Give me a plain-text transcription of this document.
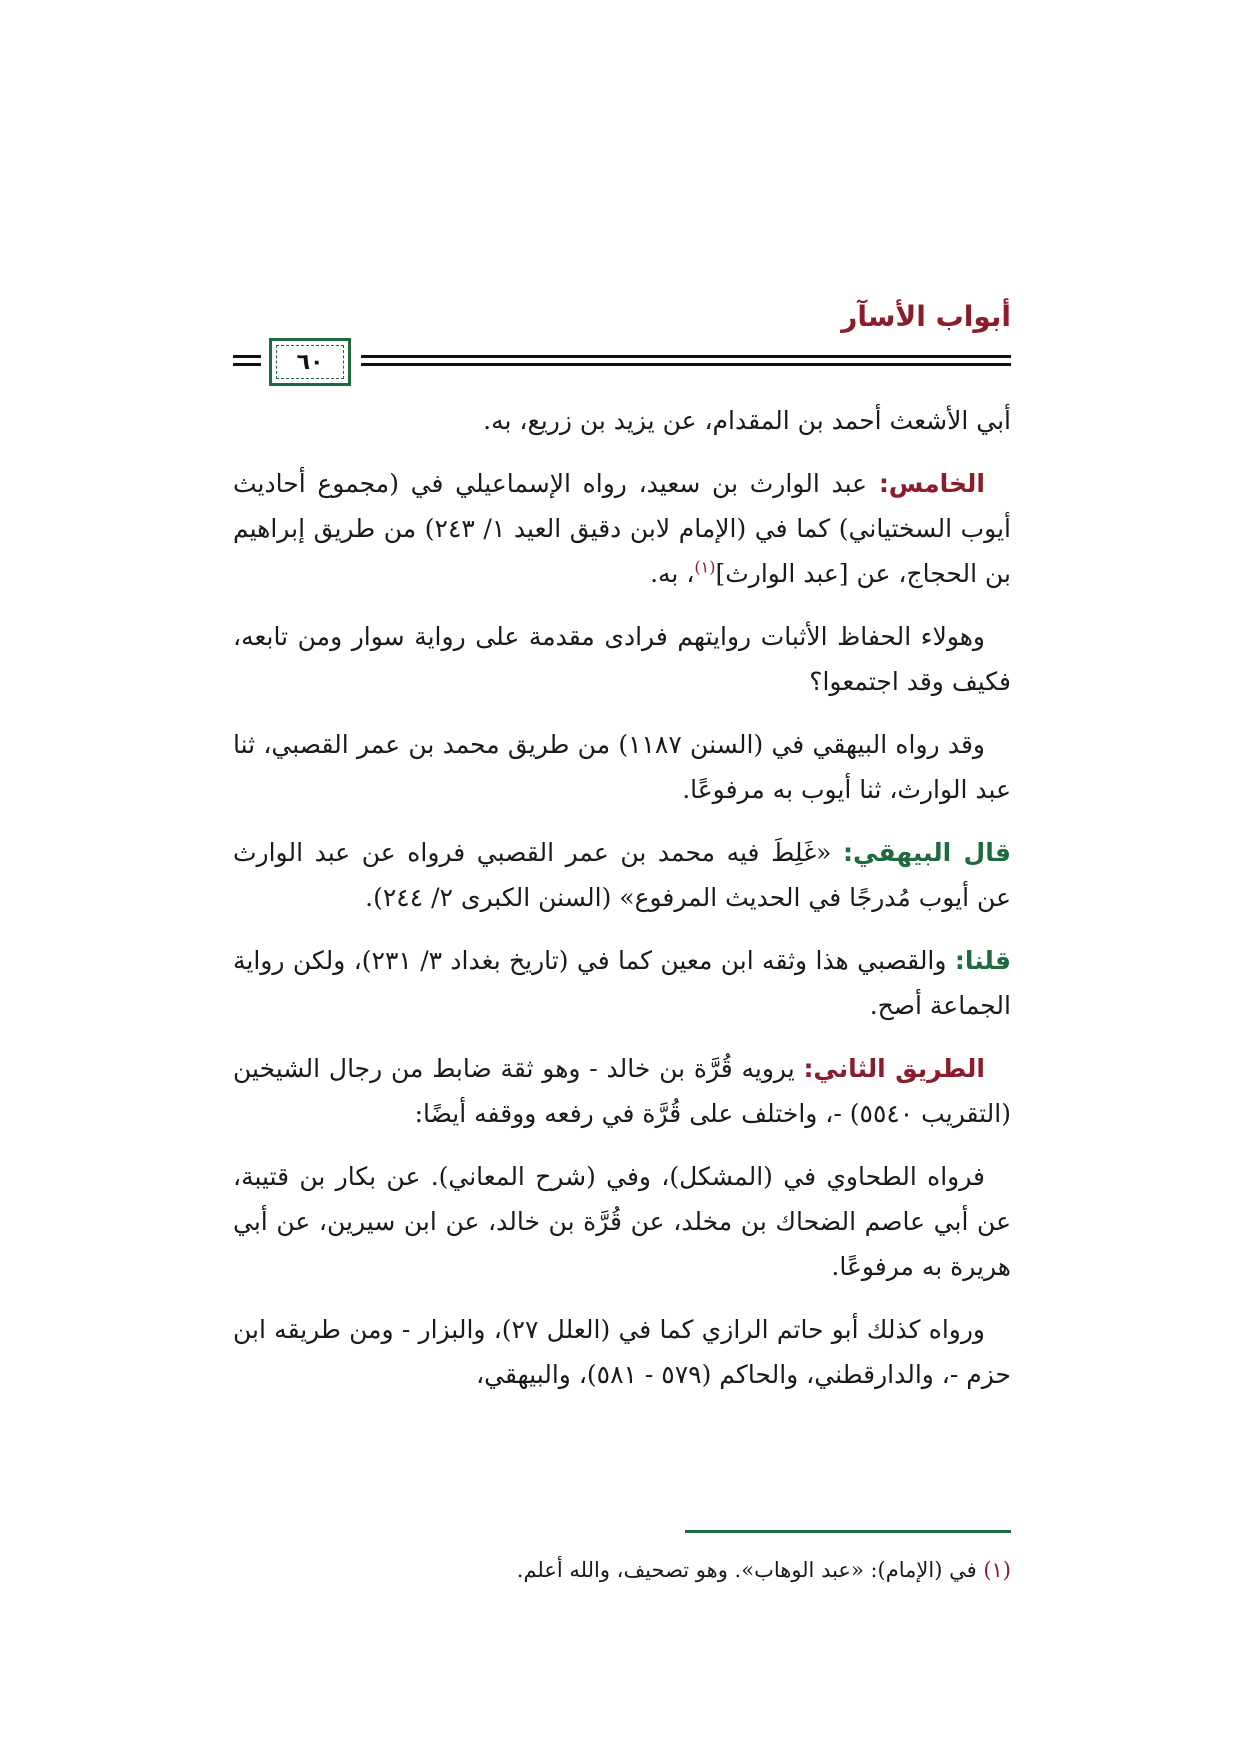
أبواب الأسآر
٦٠

أبي الأشعث أحمد بن المقدام، عن يزيد بن زريع، به.

الخامس: عبد الوارث بن سعيد، رواه الإسماعيلي في (مجموع أحاديث أيوب السختياني) كما في (الإمام لابن دقيق العيد ١/ ٢٤٣) من طريق إبراهيم بن الحجاج، عن [عبد الوارث]$^{(١)}$، به.

وهولاء الحفاظ الأثبات روايتهم فرادى مقدمة على رواية سوار ومن تابعه، فكيف وقد اجتمعوا؟

وقد رواه البيهقي في (السنن ١١٨٧) من طريق محمد بن عمر القصبي، ثنا عبد الوارث، ثنا أيوب به مرفوعًا.

قال البيهقي: «غَلِطَ فيه محمد بن عمر القصبي فرواه عن عبد الوارث عن أيوب مُدرجًا في الحديث المرفوع» (السنن الكبرى ٢/ ٢٤٤).

قلنا: والقصبي هذا وثقه ابن معين كما في (تاريخ بغداد ٣/ ٢٣١)، ولكن رواية الجماعة أصح.

الطريق الثاني: يرويه قُرَّة بن خالد - وهو ثقة ضابط من رجال الشيخين (التقريب ٥٥٤٠) -، واختلف على قُرَّة في رفعه ووقفه أيضًا:

فرواه الطحاوي في (المشكل)، وفي (شرح المعاني). عن بكار بن قتيبة، عن أبي عاصم الضحاك بن مخلد، عن قُرَّة بن خالد، عن ابن سيرين، عن أبي هريرة به مرفوعًا.

ورواه كذلك أبو حاتم الرازي كما في (العلل ٢٧)، والبزار - ومن طريقه ابن حزم -، والدارقطني، والحاكم (٥٧٩ - ٥٨١)، والبيهقي،

(١) في (الإمام): «عبد الوهاب». وهو تصحيف، والله أعلم.
